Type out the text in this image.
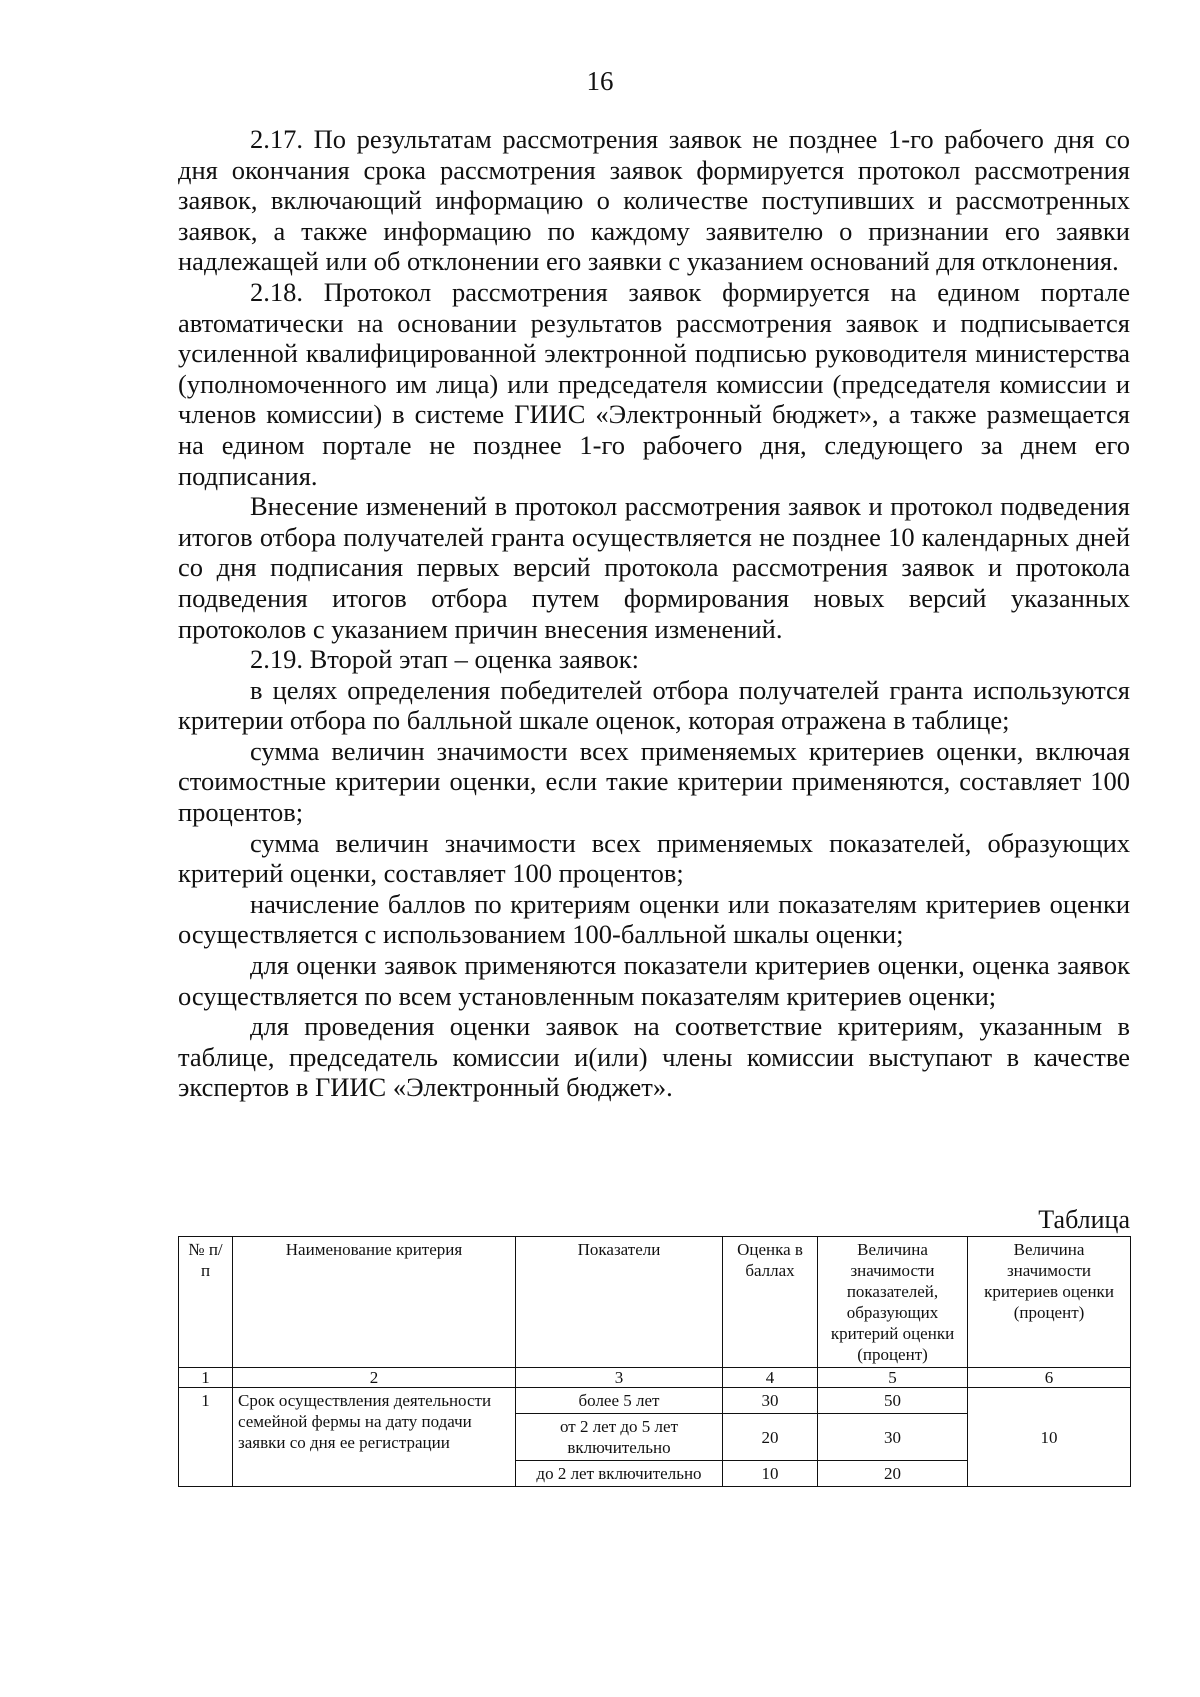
16

2.17. По результатам рассмотрения заявок не позднее 1-го рабочего дня со дня окончания срока рассмотрения заявок формируется протокол рассмотрения заявок, включающий информацию о количестве поступивших и рассмотренных заявок, а также информацию по каждому заявителю о признании его заявки надлежащей или об отклонении его заявки с указанием оснований для отклонения.

2.18. Протокол рассмотрения заявок формируется на едином портале автоматически на основании результатов рассмотрения заявок и подписывается усиленной квалифицированной электронной подписью руководителя министерства (уполномоченного им лица) или председателя комиссии (председателя комиссии и членов комиссии) в системе ГИИС «Электронный бюджет», а также размещается на едином портале не позднее 1-го рабочего дня, следующего за днем его подписания.

Внесение изменений в протокол рассмотрения заявок и протокол подведения итогов отбора получателей гранта осуществляется не позднее 10 календарных дней со дня подписания первых версий протокола рассмотрения заявок и протокола подведения итогов отбора путем формирования новых версий указанных протоколов с указанием причин внесения изменений.

2.19. Второй этап – оценка заявок:

в целях определения победителей отбора получателей гранта используются критерии отбора по балльной шкале оценок, которая отражена в таблице;

сумма величин значимости всех применяемых критериев оценки, включая стоимостные критерии оценки, если такие критерии применяются, составляет 100 процентов;

сумма величин значимости всех применяемых показателей, образующих критерий оценки, составляет 100 процентов;

начисление баллов по критериям оценки или показателям критериев оценки осуществляется с использованием 100-балльной шкалы оценки;

для оценки заявок применяются показатели критериев оценки, оценка заявок осуществляется по всем установленным показателям критериев оценки;

для проведения оценки заявок на соответствие критериям, указанным в таблице, председатель комиссии и(или) члены комиссии выступают в качестве экспертов в ГИИС «Электронный бюджет».

Таблица
№ п/п	Наименование критерия	Показатели	Оценка в баллах	Величина значимости показателей, образующих критерий оценки (процент)	Величина значимости критериев оценки (процент)
1	2	3	4	5	6
1	Срок осуществления деятельности семейной фермы на дату подачи заявки со дня ее регистрации	более 5 лет	30	50	10
		от 2 лет до 5 лет включительно	20	30	
		до 2 лет включительно	10	20	
